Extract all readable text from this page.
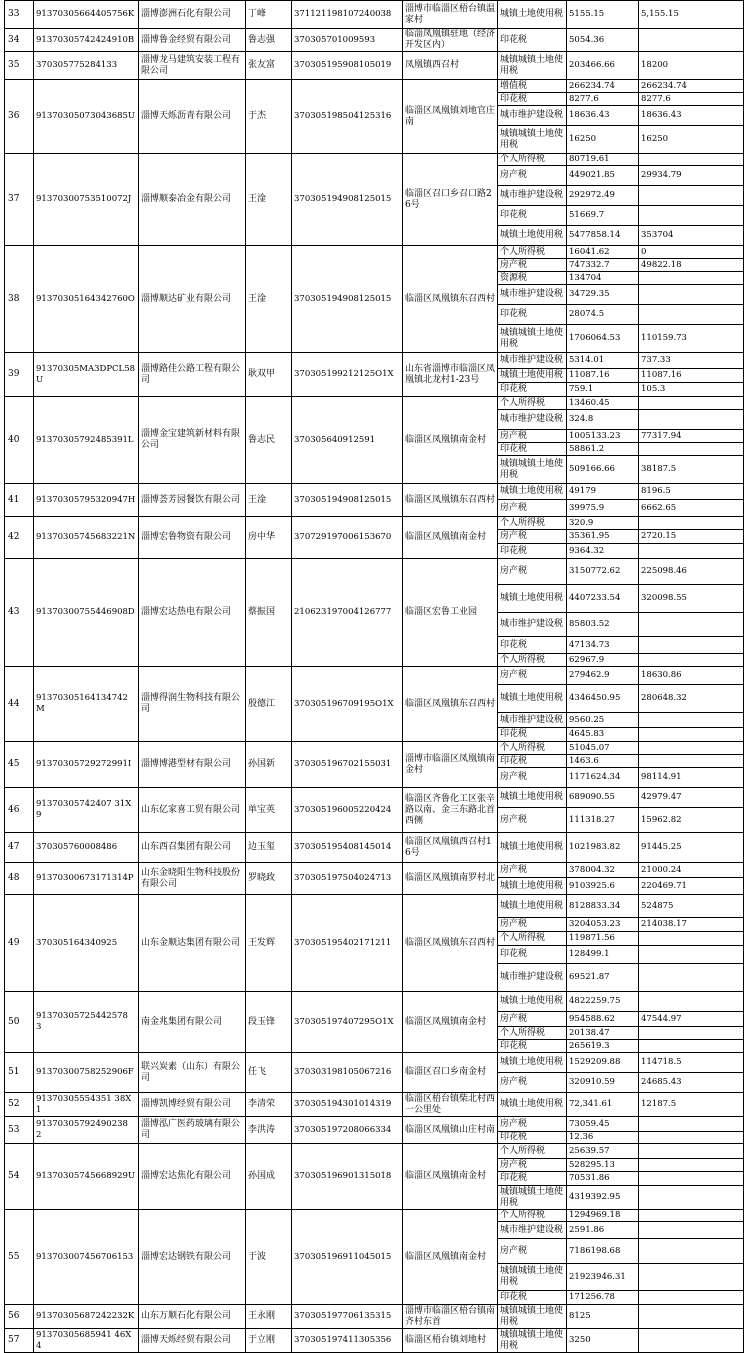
33	91370305664405756K	淄博澎洲石化有限公司	丁峰	371121198107240038	淄博市临淄区梧台镇温家村	城镇土地使用税	5155.15	5,155.15
34	91370305742424910B	淄博鲁金经贸有限公司	鲁志强	370305701009593	临淄凤凰镇驻地（经济开发区内）	印花税	5054.36	
35	370305775284133	淄博龙马建筑安装工程有限公司	张友富	370305195908105019	凤凰镇西召村	城镇城镇土地使用税	203466.66	18200
36	91370305073043685U	淄博天烁沥青有限公司	于杰	370305198504125316	临淄区凤凰镇刘地官庄南	增值税	266234.74	266234.74
						印花税	8277.6	8277.6
						城市维护建设税	18636.43	18636.43
						城镇城镇土地使用税	16250	16250
37	91370300753510072J	淄博顺泰冶金有限公司	王淦	370305194908125015	临淄区召口乡召口路26号	个人所得税	80719.61	
						房产税	449021.85	29934.79
						城市维护建设税	292972.49	
						印花税	51669.7	
						城镇土地使用税	5477858.14	353704
38	91370305164342760O	淄博顺达矿业有限公司	王淦	370305194908125015	临淄区凤凰镇东召西村	个人所得税	16041.62	0
						房产税	747332.7	49822.18
						资源税	134704	
						城市维护建设税	34729.35	
						印花税	28074.5	
						城镇城镇土地使用税	1706064.53	110159.73
39	91370305MA3DPCL58U	淄博路佳公路工程有限公司	耿双甲	370305199212125O1X	山东省淄博市临淄区凤凰镇北龙村1-23号	城市维护建设税	5314.01	737.33
						城镇土地使用税	11087.16	11087.16
						印花税	759.1	105.3
40	91370305792485391L	淄博金宝建筑新材料有限公司	鲁志民	370305640912591	临淄区凤凰镇南金村	个人所得税	13460.45	
						城市维护建设税	324.8	
						房产税	1005133.23	77317.94
						印花税	58861.2	
						城镇城镇土地使用税	509166.66	38187.5
41	91370305795320947H	淄博荟芳园餐饮有限公司	王淦	370305194908125015	临淄区凤凰镇东召西村	城镇土地使用税	49179	8196.5
						房产税	39975.9	6662.65
42	91370305745683221N	淄博宏鲁物资有限公司	房中华	370729197006153670	临淄区凤凰镇南金村	个人所得税	320.9	
						房产税	35361.95	2720.15
						印花税	9364.32	
43	91370300755446908D	淄博宏达热电有限公司	蔡振国	210623197004126777	临淄区宏鲁工业园	房产税	3150772.62	225098.46
						城镇土地使用税	4407233.54	320098.55
						城市维护建设税	85803.52	
						印花税	47134.73	
						个人所得税	62967.9	
44	91370305164134742M	淄博得润生物科技有限公司	殷德江	370305196709195O1X	临淄区凤凰镇东召西村	房产税	279462.9	18630.86
						城镇土地使用税	4346450.95	280648.32
						城市维护建设税	9560.25	
						印花税	4645.83	
45	91370305729272991I	淄博博港型材有限公司	孙国新	370305196702155031	淄博市临淄区凤凰镇南金村	个人所得税	51045.07	
						印花税	1463.6	
						房产税	1171624.34	98114.91
46	91370305742407 31X9	山东亿家喜工贸有限公司	单宝英	370305196005220424	临淄区齐鲁化工区张辛路以南、金三东路北首西侧	城镇土地使用税	689090.55	42979.47
						房产税	111318.27	15962.82
47	370305760008486	山东西召集团有限公司	边玉玺	370305195408145014	临淄区凤凰镇西召村16号	城镇土地使用税	1021983.82	91445.25
48	91370300673171314P	山东金晓阳生物科技股份有限公司	罗晓政	370305197504024713	临淄区凤凰镇南罗村北	房产税	378004.32	21000.24
						城镇土地使用税	9103925.6	220469.71
49	370305164340925	山东金顺达集团有限公司	王发辉	370305195402171211	临淄区凤凰镇东召西村	城镇土地使用税	8128833.34	524875
						房产税	3204053.23	214038.17
						个人所得税	119871.56	
						印花税	128499.1	
						城市维护建设税	69521.87	
50	91370305725442578 3	南金兆集团有限公司	段玉锋	370305197407295O1X	临淄区凤凰镇南金村	城镇土地使用税	4822259.75	
						房产税	954588.62	47544.97
						个人所得税	20138.47	
						印花税	265619.3	
51	91370300758252906F	联兴炭素（山东）有限公司	任飞	370303198105067216	临淄区召口乡南金村	城镇土地使用税	1529209.88	114718.5
						房产税	320910.59	24685.43
52	91370305554351 38X1	淄博凯博经贸有限公司	李清荣	370305194301014319	临淄区梧台镇柴北村西一公里处	城镇土地使用税	72,341.61	12187.5
53	91370305792490238 2	淄博泓广医药玻璃有限公司	李洪涛	370305197208066334	临淄区凤凰镇山庄村南	房产税	73059.45	
						印花税	12.36	
54	91370305745668929U	淄博宏达焦化有限公司	孙国成	370305196901315018	临淄区凤凰镇南金村	个人所得税	25639.57	
						房产税	528295.13	
						印花税	70531.86	
						城镇城镇土地使用税	4319392.95	
55	913703007456706153	淄博宏达钢铁有限公司	于波	370305196911045015	临淄区凤凰镇南金村	个人所得税	1294969.18	
						城市维护建设税	2591.86	
						房产税	7186198.68	
						城镇城镇土地使用税	21923946.31	
						印花税	171256.78	
56	91370305687242232K	山东万顺石化有限公司	王永刚	370305197706135315	淄博市临淄区梧台镇南齐村东首	城镇城镇土地使用税	8125	
57	91370305685941 46X4	淄博天烁经贸有限公司	于立刚	370305197411305356	临淄区梧台镇刘地村	城镇城镇土地使用税	3250	
